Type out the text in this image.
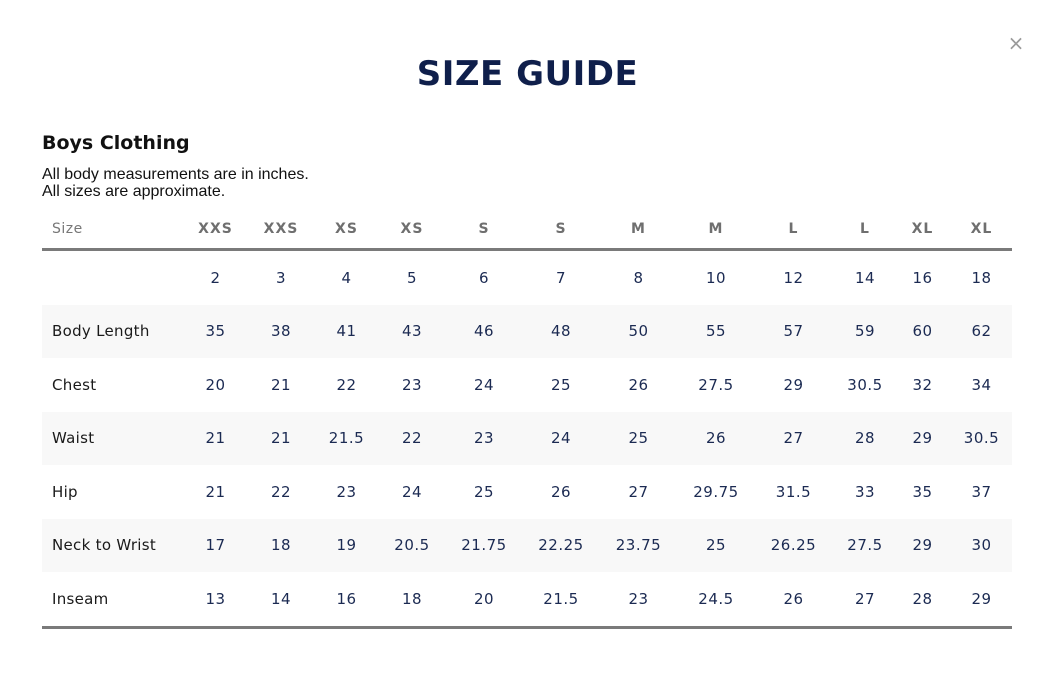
×
SIZE GUIDE
Boys Clothing

All body measurements are in inches.

All sizes are approximate.

Size	XXS	XXS	XS	XS	S	S	M	M	L	L	XL	XL
	2	3	4	5	6	7	8	10	12	14	16	18
Body Length	35	38	41	43	46	48	50	55	57	59	60	62
Chest	20	21	22	23	24	25	26	27.5	29	30.5	32	34
Waist	21	21	21.5	22	23	24	25	26	27	28	29	30.5
Hip	21	22	23	24	25	26	27	29.75	31.5	33	35	37
Neck to Wrist	17	18	19	20.5	21.75	22.25	23.75	25	26.25	27.5	29	30
Inseam	13	14	16	18	20	21.5	23	24.5	26	27	28	29
